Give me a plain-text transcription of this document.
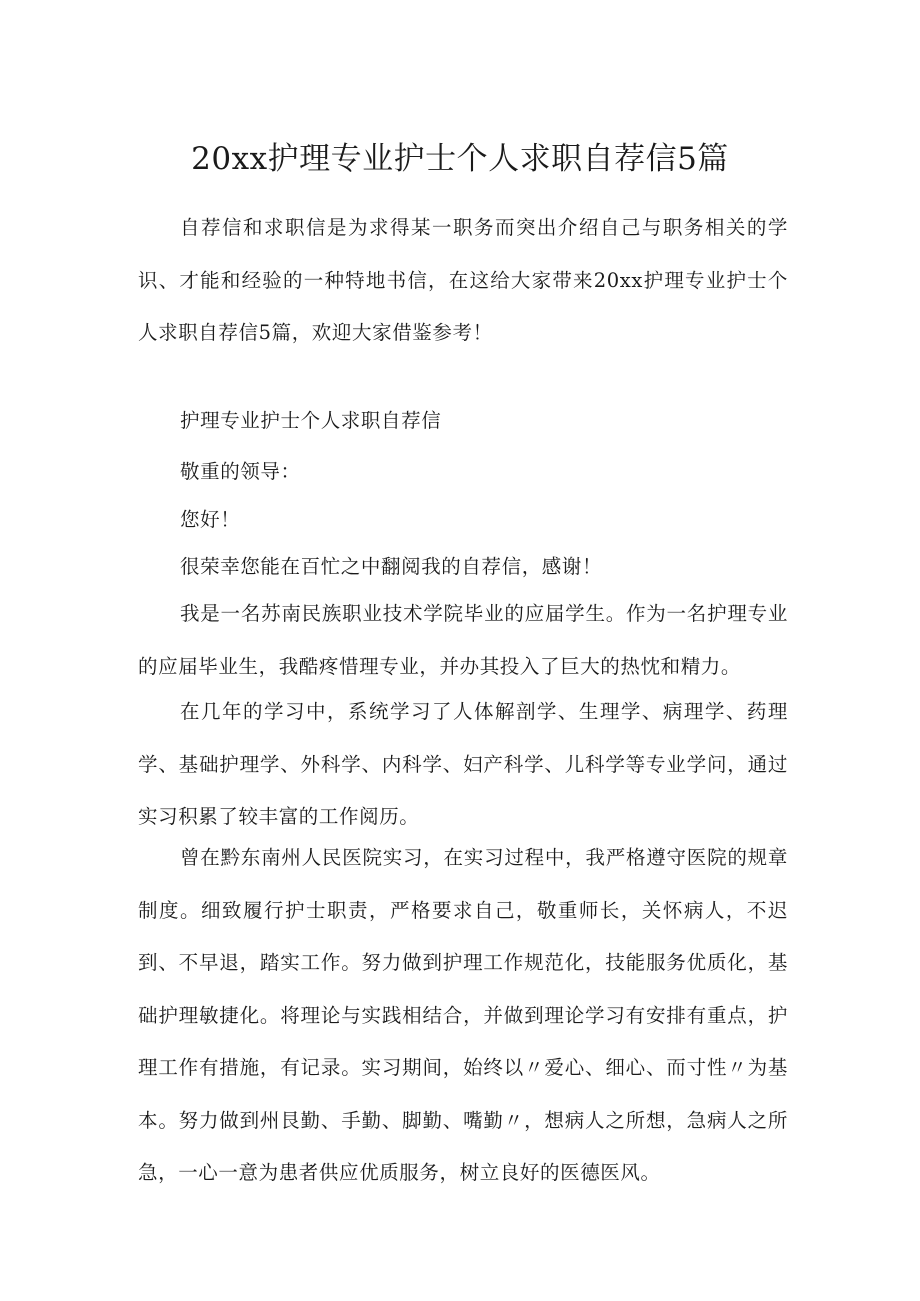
20xx护理专业护士个人求职自荐信5篇

自荐信和求职信是为求得某一职务而突出介绍自己与职务相关的学识、才能和经验的一种特地书信，在这给大家带来20xx护理专业护士个人求职自荐信5篇，欢迎大家借鉴参考！

护理专业护士个人求职自荐信

敬重的领导：

您好！

很荣幸您能在百忙之中翻阅我的自荐信，感谢！

我是一名苏南民族职业技术学院毕业的应届学生。作为一名护理专业的应届毕业生，我酷疼惜理专业，并办其投入了巨大的热忱和精力。

在几年的学习中，系统学习了人体解剖学、生理学、病理学、药理学、基础护理学、外科学、内科学、妇产科学、儿科学等专业学问，通过实习积累了较丰富的工作阅历。

曾在黔东南州人民医院实习，在实习过程中，我严格遵守医院的规章制度。细致履行护士职责，严格要求自己，敬重师长，关怀病人，不迟到、不早退，踏实工作。努力做到护理工作规范化，技能服务优质化，基础护理敏捷化。将理论与实践相结合，并做到理论学习有安排有重点，护理工作有措施，有记录。实习期间，始终以〃爱心、细心、而寸性〃为基本。努力做到州艮勤、手勤、脚勤、嘴勤〃，想病人之所想，急病人之所急，一心一意为患者供应优质服务，树立良好的医德医风。
